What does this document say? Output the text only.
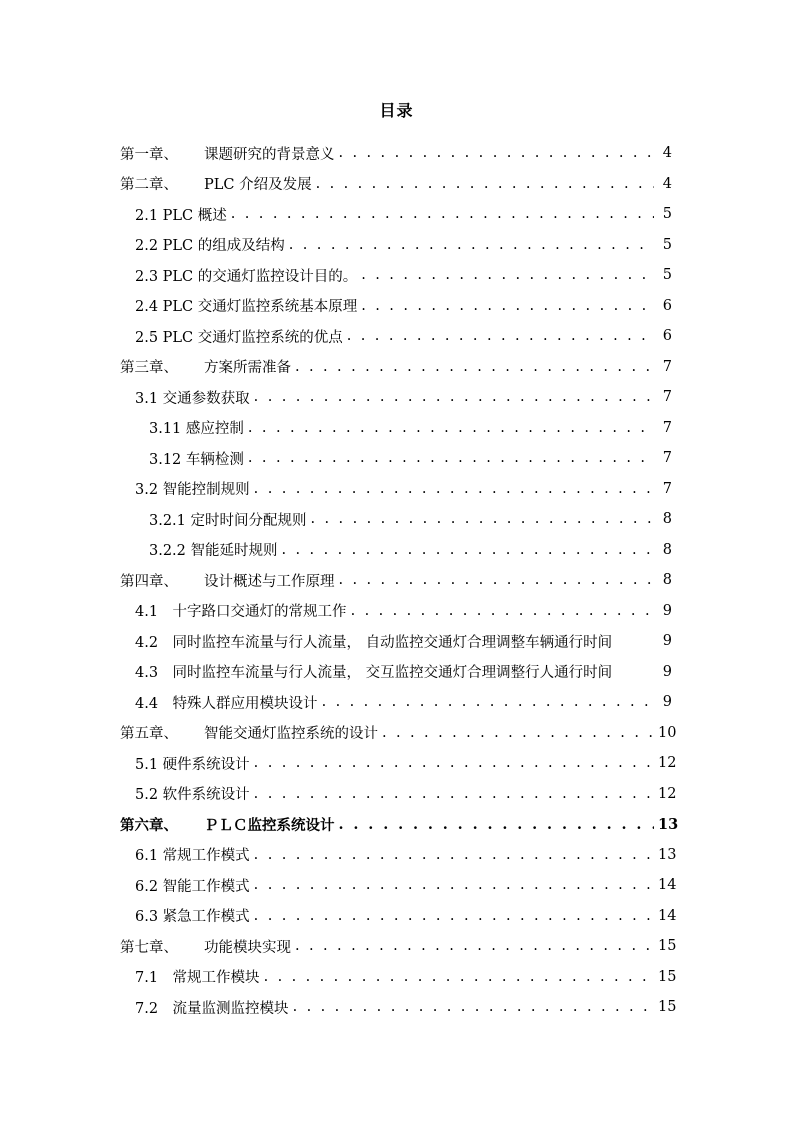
目录
第一章、	课题研究的背景意义 . . .	4
第二章、	PLC 介绍及发展 . . .	4
2.1 PLC 概述 . . .	5
2.2 PLC 的组成及结构 . . .	5
2.3 PLC 的交通灯监控设计目的。 . . .	5
2.4 PLC 交通灯监控系统基本原理 . . .	6
2.5 PLC 交通灯监控系统的优点 . . .	6
第三章、	方案所需准备 . . .	7
3.1 交通参数获取 . . .	7
3.11 感应控制 . . .	7
3.12 车辆检测 . . .	7
3.2 智能控制规则 . . .	7
3.2.1 定时时间分配规则 . . .	8
3.2.2 智能延时规则 . . .	8
第四章、	设计概述与工作原理 . . .	8
4.1　十字路口交通灯的常规工作 . . .	9
4.2　同时监控车流量与行人流量， 自动监控交通灯合理调整车辆通行时间	9
4.3　同时监控车流量与行人流量， 交互监控交通灯合理调整行人通行时间	9
4.4　特殊人群应用模块设计 . . .	9
第五章、	智能交通灯监控系统的设计 . . .	10
5.1 硬件系统设计 . . .	12
5.2 软件系统设计 . . .	12
第六章、	ＰＬＣ监控系统设计 . . .	13
6.1 常规工作模式 . . .	13
6.2 智能工作模式 . . .	14
6.3 紧急工作模式 . . .	14
第七章、	功能模块实现 . . .	15
7.1　常规工作模块 . . .	15
7.2　流量监测监控模块 . . .	15
